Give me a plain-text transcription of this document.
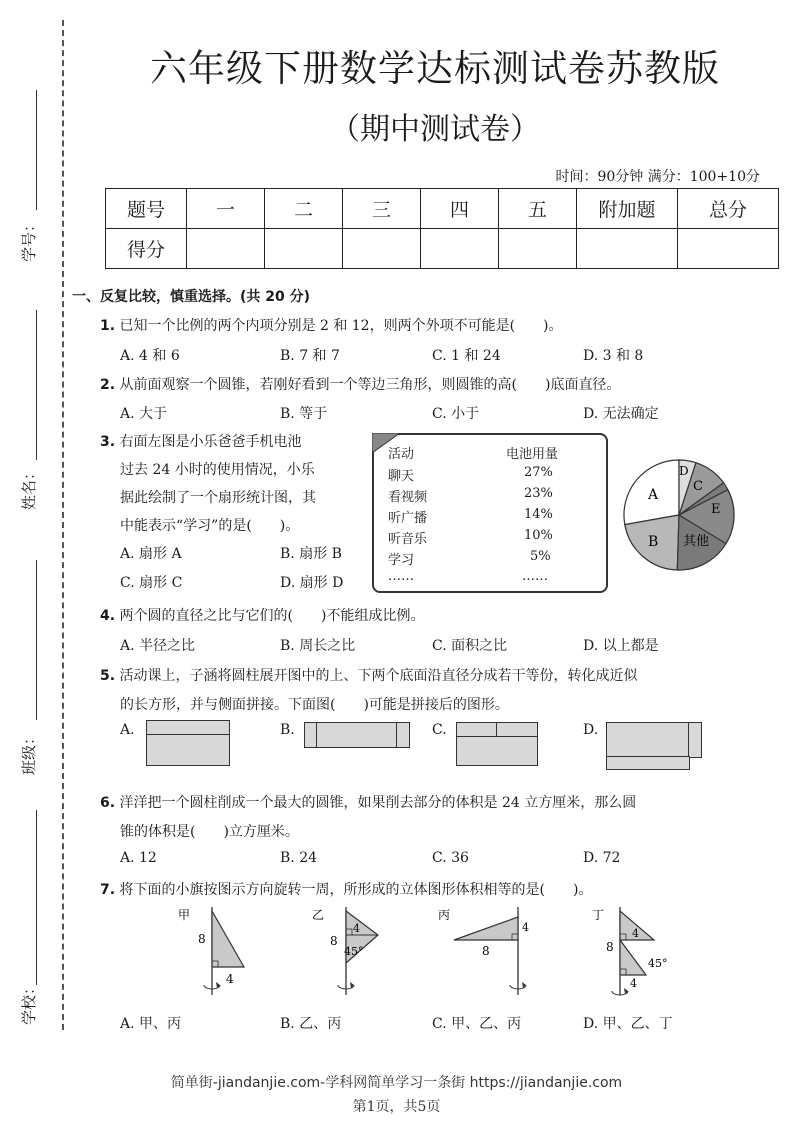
学号：
姓名：
班级：
学校：
六年级下册数学达标测试卷苏教版
（期中测试卷）
时间：90分钟 满分：100+10分
题号	一	二	三	四	五	附加题	总分
得分							
一、反复比较，慎重选择。(共 20 分)
1. 已知一个比例的两个内项分别是 2 和 12，则两个外项不可能是(　　)。
A. 4 和 6	B. 7 和 7	C. 1 和 24	D. 3 和 8
2. 从前面观察一个圆锥，若刚好看到一个等边三角形，则圆锥的高(　　)底面直径。
A. 大于	B. 等于	C. 小于	D. 无法确定
3. 右面左图是小乐爸爸手机电池
过去 24 小时的使用情况，小乐
据此绘制了一个扇形统计图，其
中能表示“学习”的是(　　)。
A. 扇形 A	B. 扇形 B
C. 扇形 C	D. 扇形 D
活动	电池用量
聊天	27%
看视频	23%
听广播	14%
听音乐	10%
学习	5%
……	……
A
B
C
D
E
其他
4. 两个圆的直径之比与它们的(　　)不能组成比例。
A. 半径之比	B. 周长之比	C. 面积之比	D. 以上都是
5. 活动课上，子涵将圆柱展开图中的上、下两个底面沿直径分成若干等份，转化成近似
的长方形，并与侧面拼接。下面图(　　)可能是拼接后的图形。
A.	B.	C.	D.
6. 洋洋把一个圆柱削成一个最大的圆锥，如果削去部分的体积是 24 立方厘米，那么圆
锥的体积是(　　)立方厘米。
A. 12	B. 24	C. 36	D. 72
7. 将下面的小旗按图示方向旋转一周，所形成的立体图形体积相等的是(　　)。
甲
8
4
乙
8
4
45°
丙
8
4
丁
8
4
45°
4
A. 甲、丙	B. 乙、丙	C. 甲、乙、丙	D. 甲、乙、丁
简单街-jiandanjie.com-学科网简单学习一条街 https://jiandanjie.com
第1页，共5页
